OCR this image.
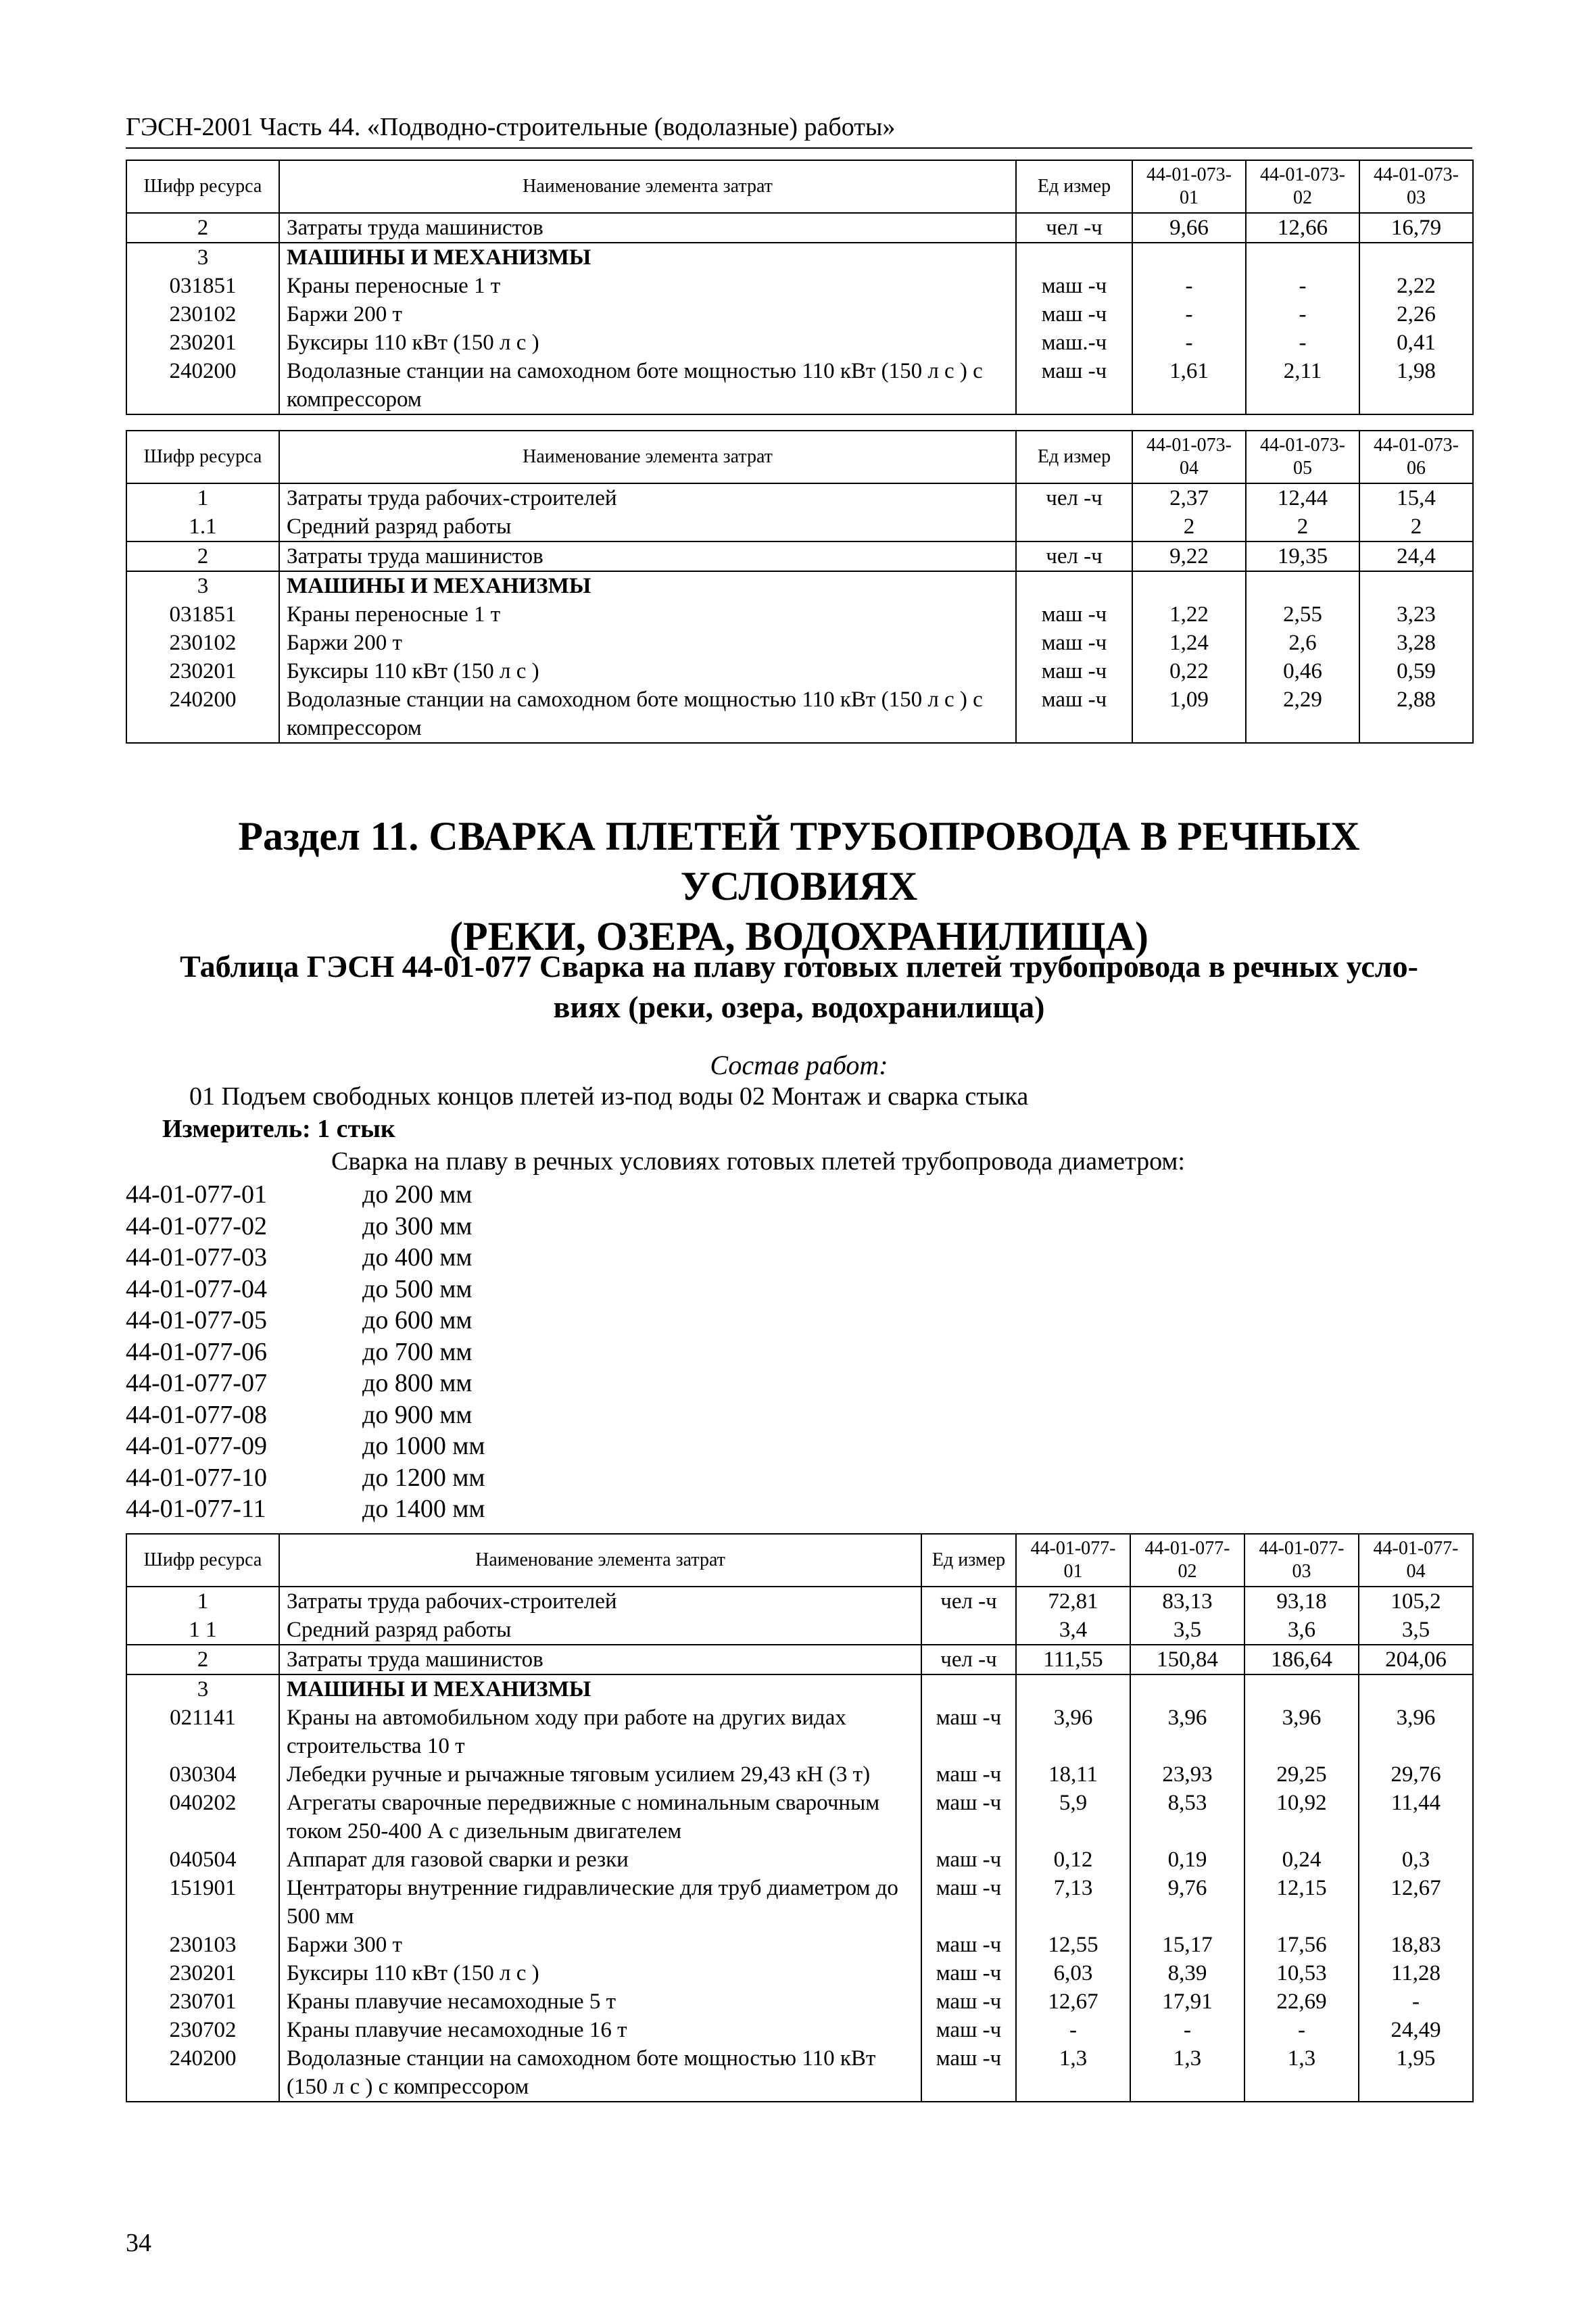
ГЭСН-2001 Часть 44. «Подводно-строительные (водолазные) работы»
Шифр ресурса	Наименование элемента затрат	Ед измер	44-01-073-01	44-01-073-02	44-01-073-03
2	Затраты труда машинистов	чел -ч	9,66	12,66	16,79
3	МАШИНЫ И МЕХАНИЗМЫ				
031851	Краны переносные 1 т	маш -ч	-	-	2,22
230102	Баржи 200 т	маш -ч	-	-	2,26
230201	Буксиры 110 кВт (150 л с )	маш.-ч	-	-	0,41
240200	Водолазные станции на самоходном боте мощностью 110 кВт (150 л с ) с компрессором	маш -ч	1,61	2,11	1,98
Шифр ресурса	Наименование элемента затрат	Ед измер	44-01-073-04	44-01-073-05	44-01-073-06
1	Затраты труда рабочих-строителей	чел -ч	2,37	12,44	15,4
1.1	Средний разряд работы		2	2	2
2	Затраты труда машинистов	чел -ч	9,22	19,35	24,4
3	МАШИНЫ И МЕХАНИЗМЫ				
031851	Краны переносные 1 т	маш -ч	1,22	2,55	3,23
230102	Баржи 200 т	маш -ч	1,24	2,6	3,28
230201	Буксиры 110 кВт (150 л с )	маш -ч	0,22	0,46	0,59
240200	Водолазные станции на самоходном боте мощностью 110 кВт (150 л с ) с компрессором	маш -ч	1,09	2,29	2,88
Раздел 11. СВАРКА ПЛЕТЕЙ ТРУБОПРОВОДА В РЕЧНЫХ УСЛОВИЯХ
(РЕКИ, ОЗЕРА, ВОДОХРАНИЛИЩА)
Таблица ГЭСН 44-01-077 Сварка на плаву готовых плетей трубопровода в речных усло-
виях (реки, озера, водохранилища)
Состав работ:
01 Подъем свободных концов плетей из-под воды 02 Монтаж и сварка стыка
Измеритель: 1 стык
Сварка на плаву в речных условиях готовых плетей трубопровода диаметром:
44-01-077-01	до 200 мм
44-01-077-02	до 300 мм
44-01-077-03	до 400 мм
44-01-077-04	до 500 мм
44-01-077-05	до 600 мм
44-01-077-06	до 700 мм
44-01-077-07	до 800 мм
44-01-077-08	до 900 мм
44-01-077-09	до 1000 мм
44-01-077-10	до 1200 мм
44-01-077-11	до 1400 мм
Шифр ресурса	Наименование элемента затрат	Ед измер	44-01-077-01	44-01-077-02	44-01-077-03	44-01-077-04
1	Затраты труда рабочих-строителей	чел -ч	72,81	83,13	93,18	105,2
1 1	Средний разряд работы		3,4	3,5	3,6	3,5
2	Затраты труда машинистов	чел -ч	111,55	150,84	186,64	204,06
3	МАШИНЫ И МЕХАНИЗМЫ					
021141	Краны на автомобильном ходу при работе на других видах строительства 10 т	маш -ч	3,96	3,96	3,96	3,96
030304	Лебедки ручные и рычажные тяговым усилием 29,43 кН (3 т)	маш -ч	18,11	23,93	29,25	29,76
040202	Агрегаты сварочные передвижные с номинальным сварочным током 250-400 А с дизельным двигателем	маш -ч	5,9	8,53	10,92	11,44
040504	Аппарат для газовой сварки и резки	маш -ч	0,12	0,19	0,24	0,3
151901	Центраторы внутренние гидравлические для труб диаметром до 500 мм	маш -ч	7,13	9,76	12,15	12,67
230103	Баржи 300 т	маш -ч	12,55	15,17	17,56	18,83
230201	Буксиры 110 кВт (150 л с )	маш -ч	6,03	8,39	10,53	11,28
230701	Краны плавучие несамоходные 5 т	маш -ч	12,67	17,91	22,69	-
230702	Краны плавучие несамоходные 16 т	маш -ч	-	-	-	24,49
240200	Водолазные станции на самоходном боте мощностью 110 кВт (150 л с ) с компрессором	маш -ч	1,3	1,3	1,3	1,95
34
